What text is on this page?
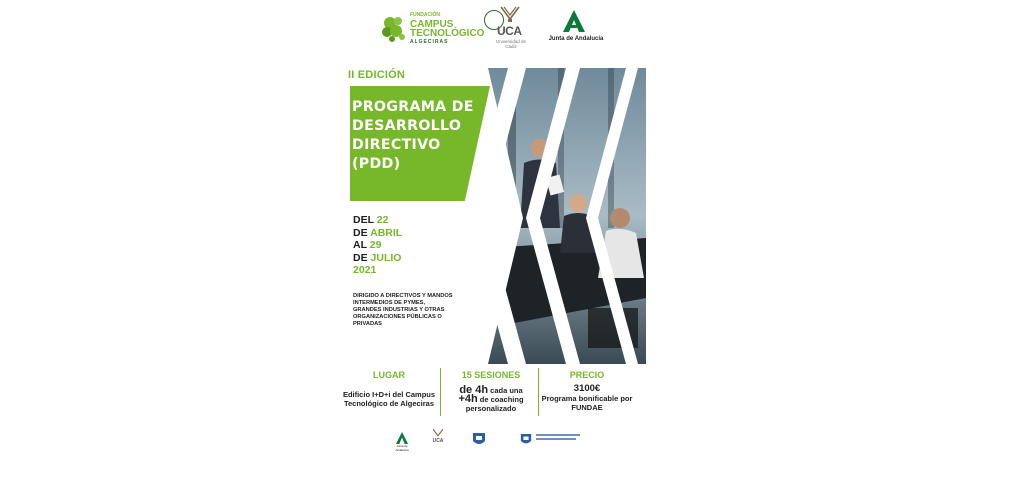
FUNDACIÓN
CAMPUS
TECNOLÓGICO
ALGECIRAS
UCA
Universidad de Cádiz
Junta de Andalucía
II EDICIÓN
PROGRAMA DE
DESARROLLO
DIRECTIVO
(PDD)
DEL 22
DE ABRIL
AL 29
DE JULIO
2021
DIRIGIDO A DIRECTIVOS Y MANDOS INTERMEDIOS DE PYMES, GRANDES INDUSTRIAS Y OTRAS ORGANIZACIONES PÚBLICAS O PRIVADAS
LUGAR
Edificio I+D+i del Campus Tecnológico de Algeciras
15 SESIONES
de 4h cada una
+4h de coaching
personalizado
PRECIO
3100€
Programa bonificable por FUNDAE
Junta de Andalucía
UCA
